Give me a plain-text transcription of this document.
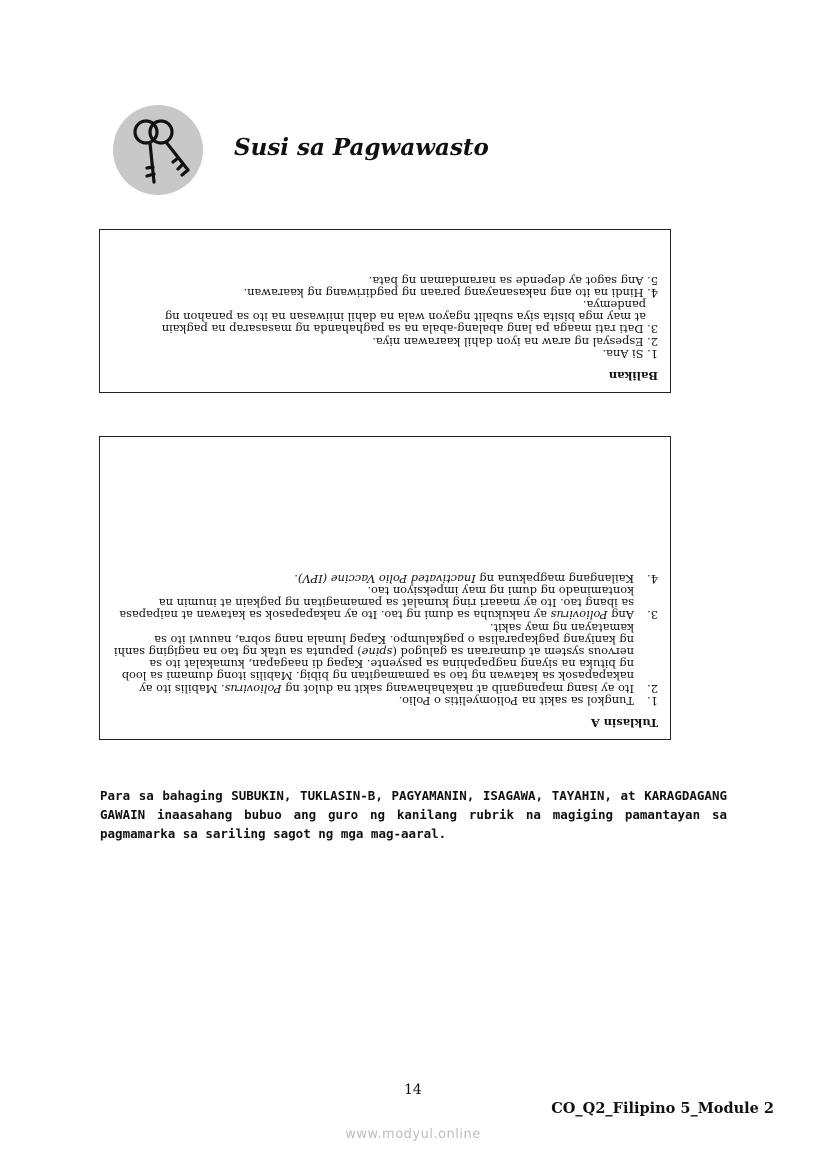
Susi sa Pagwawasto
Balikan
1. Si Ana.
2. Espesyal ng araw na iyon dahil kaarawan niya.
3. Dati rati maaga pa lang abalang-abala na sa paghahanda ng masasarap na pagkain
at may mga bisita siya subalit ngayon wala na dahil iniiwasan na ito sa panahon ng
pandemya.
4. Hindi na ito ang nakasanayang paraan ng pagdiriwang ng kaarawan.
5. Ang sagot ay depende sa naramdaman ng bata.
Tuklasin A
1.
Tungkol sa sakit na Poliomyelitis o Polio.
2.
Ito ay isang mapanganib at nakahahawang sakit na dulot ng Poliovirus. Mabilis ito ay nakapapasok sa katawan ng tao sa pamamagitan ng bibig. Mabilis itong dumami sa loob ng bituka na siyang nagpapahina sa pasyente. Kapag di naagapan, kumakalat ito sa nervous system at dumaraan sa galugod (spine) papunta sa utak ng tao na nagiging sanhi ng kaniyang pagkaparalisa o pagkalumpo. Kapag lumala nang sobra, nauuwi ito sa kamatayan ng may sakit.
3.
Ang Poliovirus ay nakukuha sa dumi ng tao. Ito ay nakapapasok sa katawan at naipapasa sa ibang tao. Ito ay maaari ring kumalat sa pamamagitan ng pagkain at inumin na kontaminado ng dumi ng may impeksiyon tao.
4.
Kailangang magpakuna ng Inactivated Polio Vaccine (IPV).
Para sa bahaging SUBUKIN, TUKLASIN-B, PAGYAMANIN, ISAGAWA, TAYAHIN, at KARAGDAGANG GAWAIN inaasahang bubuo ang guro ng kanilang rubrik na magiging pamantayan sa pagmamarka sa sariling sagot ng mga mag-aaral.
14
CO_Q2_Filipino 5_Module 2
www.modyul.online
